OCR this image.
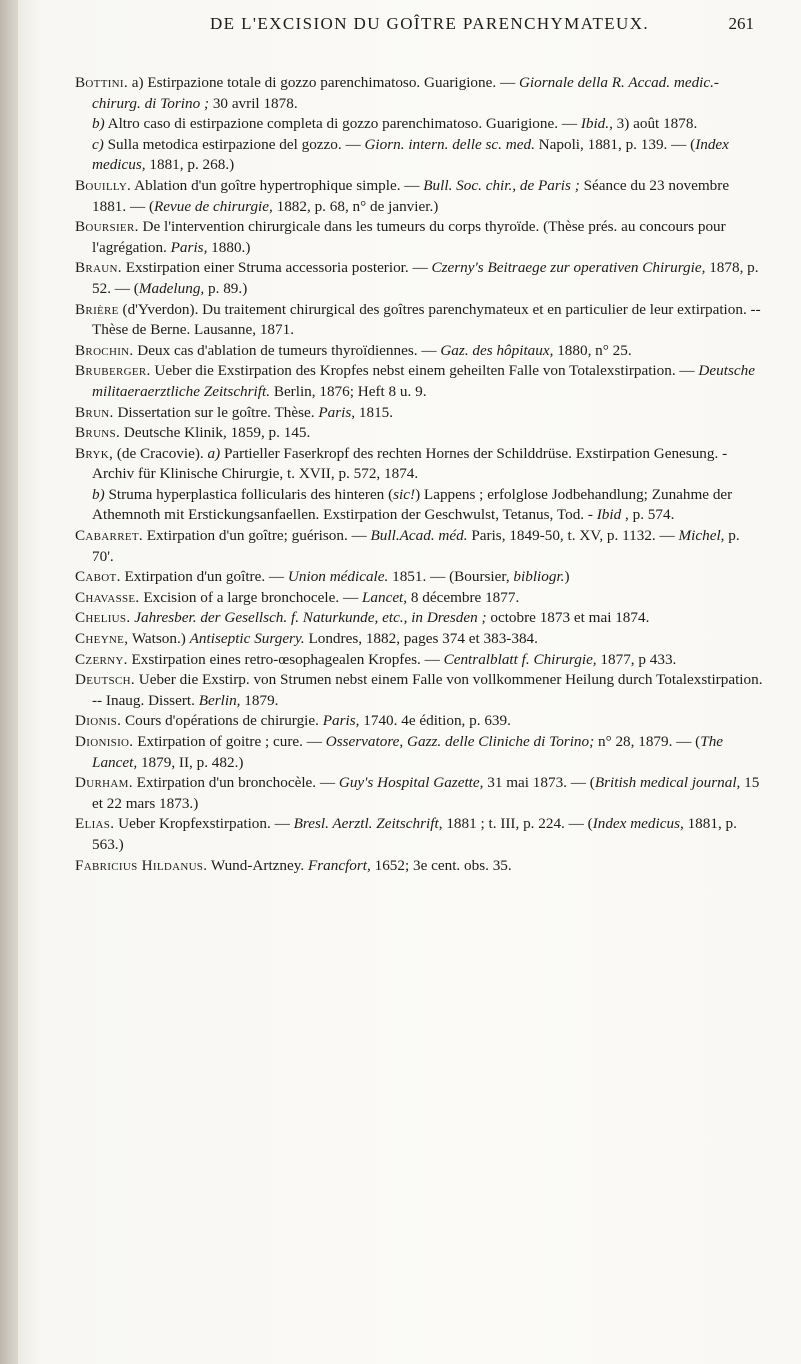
DE L'EXCISION DU GOÎTRE PARENCHYMATEUX.	261

Bottini. a) Estirpazione totale di gozzo parenchimatoso. Guarigione. — Giornale della R. Accad. medic.-chirurg. di Torino ; 30 avril 1878.

b) Altro caso di estirpazione completa di gozzo parenchimatoso. Guarigione. — Ibid., 3) août 1878.

c) Sulla metodica estirpazione del gozzo. — Giorn. intern. delle sc. med. Napoli, 1881, p. 139. — (Index medicus, 1881, p. 268.)

Bouilly. Ablation d'un goître hypertrophique simple. — Bull. Soc. chir., de Paris ; Séance du 23 novembre 1881. — (Revue de chirurgie, 1882, p. 68, n° de janvier.)

Boursier. De l'intervention chirurgicale dans les tumeurs du corps thyroïde. (Thèse prés. au concours pour l'agrégation. Paris, 1880.)

Braun. Exstirpation einer Struma accessoria posterior. — Czerny's Beitraege zur operativen Chirurgie, 1878, p. 52. — (Madelung, p. 89.)

Brière (d'Yverdon). Du traitement chirurgical des goîtres parenchymateux et en particulier de leur extirpation. -- Thèse de Berne. Lausanne, 1871.

Brochin. Deux cas d'ablation de tumeurs thyroïdiennes. — Gaz. des hôpitaux, 1880, n° 25.

Bruberger. Ueber die Exstirpation des Kropfes nebst einem geheilten Falle von Totalexstirpation. — Deutsche militaeraerztliche Zeitschrift. Berlin, 1876; Heft 8 u. 9.

Brun. Dissertation sur le goître. Thèse. Paris, 1815.

Bruns. Deutsche Klinik, 1859, p. 145.

Bryk, (de Cracovie). a) Partieller Faserkropf des rechten Hornes der Schilddrüse. Exstirpation Genesung. - Archiv für Klinische Chirurgie, t. XVII, p. 572, 1874.

b) Struma hyperplastica follicularis des hinteren (sic!) Lappens ; erfolglose Jodbehandlung; Zunahme der Athemnoth mit Erstickungsanfaellen. Exstirpation der Geschwulst, Tetanus, Tod. - Ibid , p. 574.

Cabarret. Extirpation d'un goître; guérison. — Bull.Acad. méd. Paris, 1849-50, t. XV, p. 1132. — Michel, p. 70'.

Cabot. Extirpation d'un goître. — Union médicale. 1851. — (Boursier, bibliogr.)

Chavasse. Excision of a large bronchocele. — Lancet, 8 décembre 1877.

Chelius. Jahresber. der Gesellsch. f. Naturkunde, etc., in Dresden ; octobre 1873 et mai 1874.

Cheyne, Watson.) Antiseptic Surgery. Londres, 1882, pages 374 et 383-384.

Czerny. Exstirpation eines retro-œsophagealen Kropfes. — Centralblatt f. Chirurgie, 1877, p 433.

Deutsch. Ueber die Exstirp. von Strumen nebst einem Falle von vollkommener Heilung durch Totalexstirpation. -- Inaug. Dissert. Berlin, 1879.

Dionis. Cours d'opérations de chirurgie. Paris, 1740. 4e édition, p. 639.

Dionisio. Extirpation of goitre ; cure. — Osservatore, Gazz. delle Cliniche di Torino; n° 28, 1879. — (The Lancet, 1879, II, p. 482.)

Durham. Extirpation d'un bronchocèle. — Guy's Hospital Gazette, 31 mai 1873. — (British medical journal, 15 et 22 mars 1873.)

Elias. Ueber Kropfexstirpation. — Bresl. Aerztl. Zeitschrift, 1881 ; t. III, p. 224. — (Index medicus, 1881, p. 563.)

Fabricius Hildanus. Wund-Artzney. Francfort, 1652; 3e cent. obs. 35.
